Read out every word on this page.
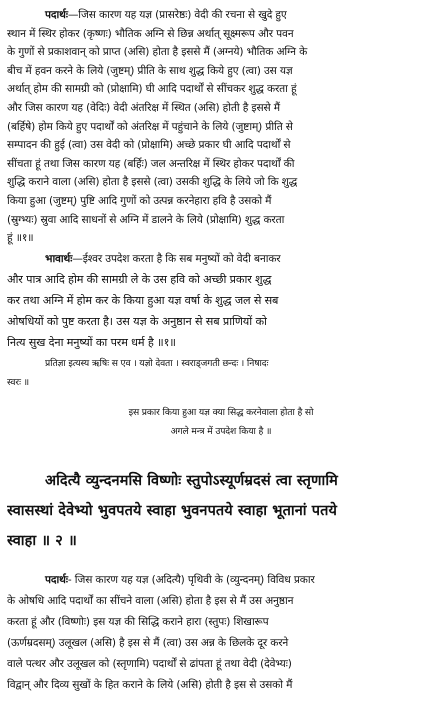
पदार्थः—जिस कारण यह यज्ञ (प्रासरेष्ठः) वेदी की रचना से खुदे हुए
स्थान में स्थिर होकर (कृष्णः) भौतिक अग्नि से छिन्न अर्थात् सूक्ष्मरूप और पवन
के गुणों से प्रकाशवान् को प्राप्त (असि) होता है इससे मैं (अग्नये) भौतिक अग्नि के
बीच में हवन करने के लिये (जुष्टम्) प्रीति के साथ शुद्ध किये हुए (त्वा) उस यज्ञ
अर्थात् होम की सामग्री को (प्रोक्षामि) घी आदि पदार्थों से सींचकर शुद्ध करता हूं
और जिस कारण यह (वेदिः) वेदी अंतरिक्ष में स्थित (असि) होती है इससे मैं
(बर्हिषे) होम किये हुए पदार्थों को अंतरिक्ष में पहुंचाने के लिये (जुष्टाम्) प्रीति से
सम्पादन की हुई (त्वा) उस वेदी को (प्रोक्षामि) अच्छे प्रकार घी आदि पदार्थों से
सींचता हूं तथा जिस कारण यह (बर्हिः) जल अन्तरिक्ष में स्थिर होकर पदार्थों की
शुद्धि कराने वाला (असि) होता है इससे (त्वा) उसकी शुद्धि के लिये जो कि शुद्ध
किया हुआ (जुष्टम्) पुष्टि आदि गुणों को उत्पन्न करनेहारा हवि है उसको मैं
(स्रुग्भ्यः) स्रुवा आदि साधनों से अग्नि में डालने के लिये (प्रोक्षामि) शुद्ध करता
हूं ॥१॥
भावार्थः—ईश्वर उपदेश करता है कि सब मनुष्यों को वेदी बनाकर
और पात्र आदि होम की सामग्री ले के उस हवि को अच्छी प्रकार शुद्ध
कर तथा अग्नि में होम कर के किया हुआ यज्ञ वर्षा के शुद्ध जल से सब
ओषधियों को पुष्ट करता है। उस यज्ञ के अनुष्ठान से सब प्राणियों को
नित्य सुख देना मनुष्यों का परम धर्म है ॥१॥
प्रतिज्ञा इत्यस्य ऋषिः स एव । यज्ञो देवता । स्वराड्जगती छन्दः । निषादः
स्वरः ॥
इस प्रकार किया हुआ यज्ञ क्या सिद्ध करनेवाला होता है सो
अगले मन्त्र में उपदेश किया है ॥
अदित्यै व्युन्दनमसि विष्णोः स्तुपोऽस्यूर्णम्रदसं त्वा स्तृणामि
स्वासस्थां देवेभ्यो भुवपतये स्वाहा भुवनपतये स्वाहा भूतानां पतये
स्वाहा ॥ २ ॥
पदार्थः- जिस कारण यह यज्ञ (अदित्यै) पृथिवी के (व्युन्दनम्) विविध प्रकार
के ओषधि आदि पदार्थों का सींचने वाला (असि) होता है इस से मैं उस अनुष्ठान
करता हूं और (विष्णोः) इस यज्ञ की सिद्धि कराने हारा (स्तुपः) शिखारूप
(ऊर्णम्रदसम्) उलूखल (असि) है इस से मैं (त्वा) उस अन्न के छिलके दूर करने
वाले पत्थर और उलूखल को (स्तृणामि) पदार्थों से ढांपता हूं तथा वेदी (देवेभ्यः)
विद्वान् और दिव्य सुखों के हित कराने के लिये (असि) होती है इस से उसको मैं
